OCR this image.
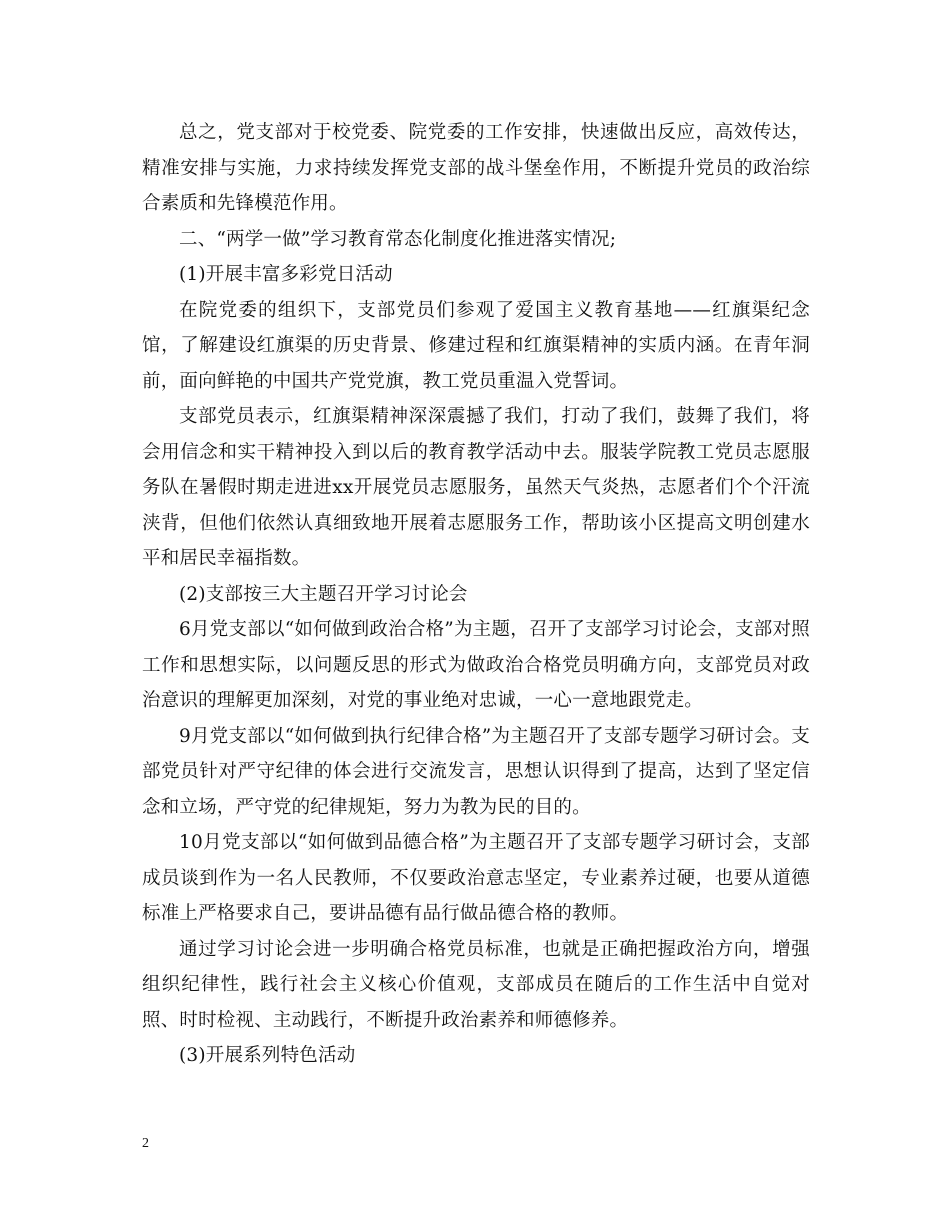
总之，党支部对于校党委、院党委的工作安排，快速做出反应，高效传达，精准安排与实施，力求持续发挥党支部的战斗堡垒作用，不断提升党员的政治综合素质和先锋模范作用。

二、“两学一做”学习教育常态化制度化推进落实情况;

(1)开展丰富多彩党日活动

在院党委的组织下，支部党员们参观了爱国主义教育基地——红旗渠纪念馆，了解建设红旗渠的历史背景、修建过程和红旗渠精神的实质内涵。在青年洞前，面向鲜艳的中国共产党党旗，教工党员重温入党誓词。

支部党员表示，红旗渠精神深深震撼了我们，打动了我们，鼓舞了我们，将会用信念和实干精神投入到以后的教育教学活动中去。服装学院教工党员志愿服务队在暑假时期走进进xx开展党员志愿服务，虽然天气炎热，志愿者们个个汗流浃背，但他们依然认真细致地开展着志愿服务工作，帮助该小区提高文明创建水平和居民幸福指数。

(2)支部按三大主题召开学习讨论会

6月党支部以“如何做到政治合格”为主题，召开了支部学习讨论会，支部对照工作和思想实际，以问题反思的形式为做政治合格党员明确方向，支部党员对政治意识的理解更加深刻，对党的事业绝对忠诚，一心一意地跟党走。

9月党支部以“如何做到执行纪律合格”为主题召开了支部专题学习研讨会。支部党员针对严守纪律的体会进行交流发言，思想认识得到了提高，达到了坚定信念和立场，严守党的纪律规矩，努力为教为民的目的。

10月党支部以“如何做到品德合格”为主题召开了支部专题学习研讨会，支部成员谈到作为一名人民教师，不仅要政治意志坚定，专业素养过硬，也要从道德标准上严格要求自己，要讲品德有品行做品德合格的教师。

通过学习讨论会进一步明确合格党员标准，也就是正确把握政治方向，增强组织纪律性，践行社会主义核心价值观，支部成员在随后的工作生活中自觉对照、时时检视、主动践行，不断提升政治素养和师德修养。

(3)开展系列特色活动

2
